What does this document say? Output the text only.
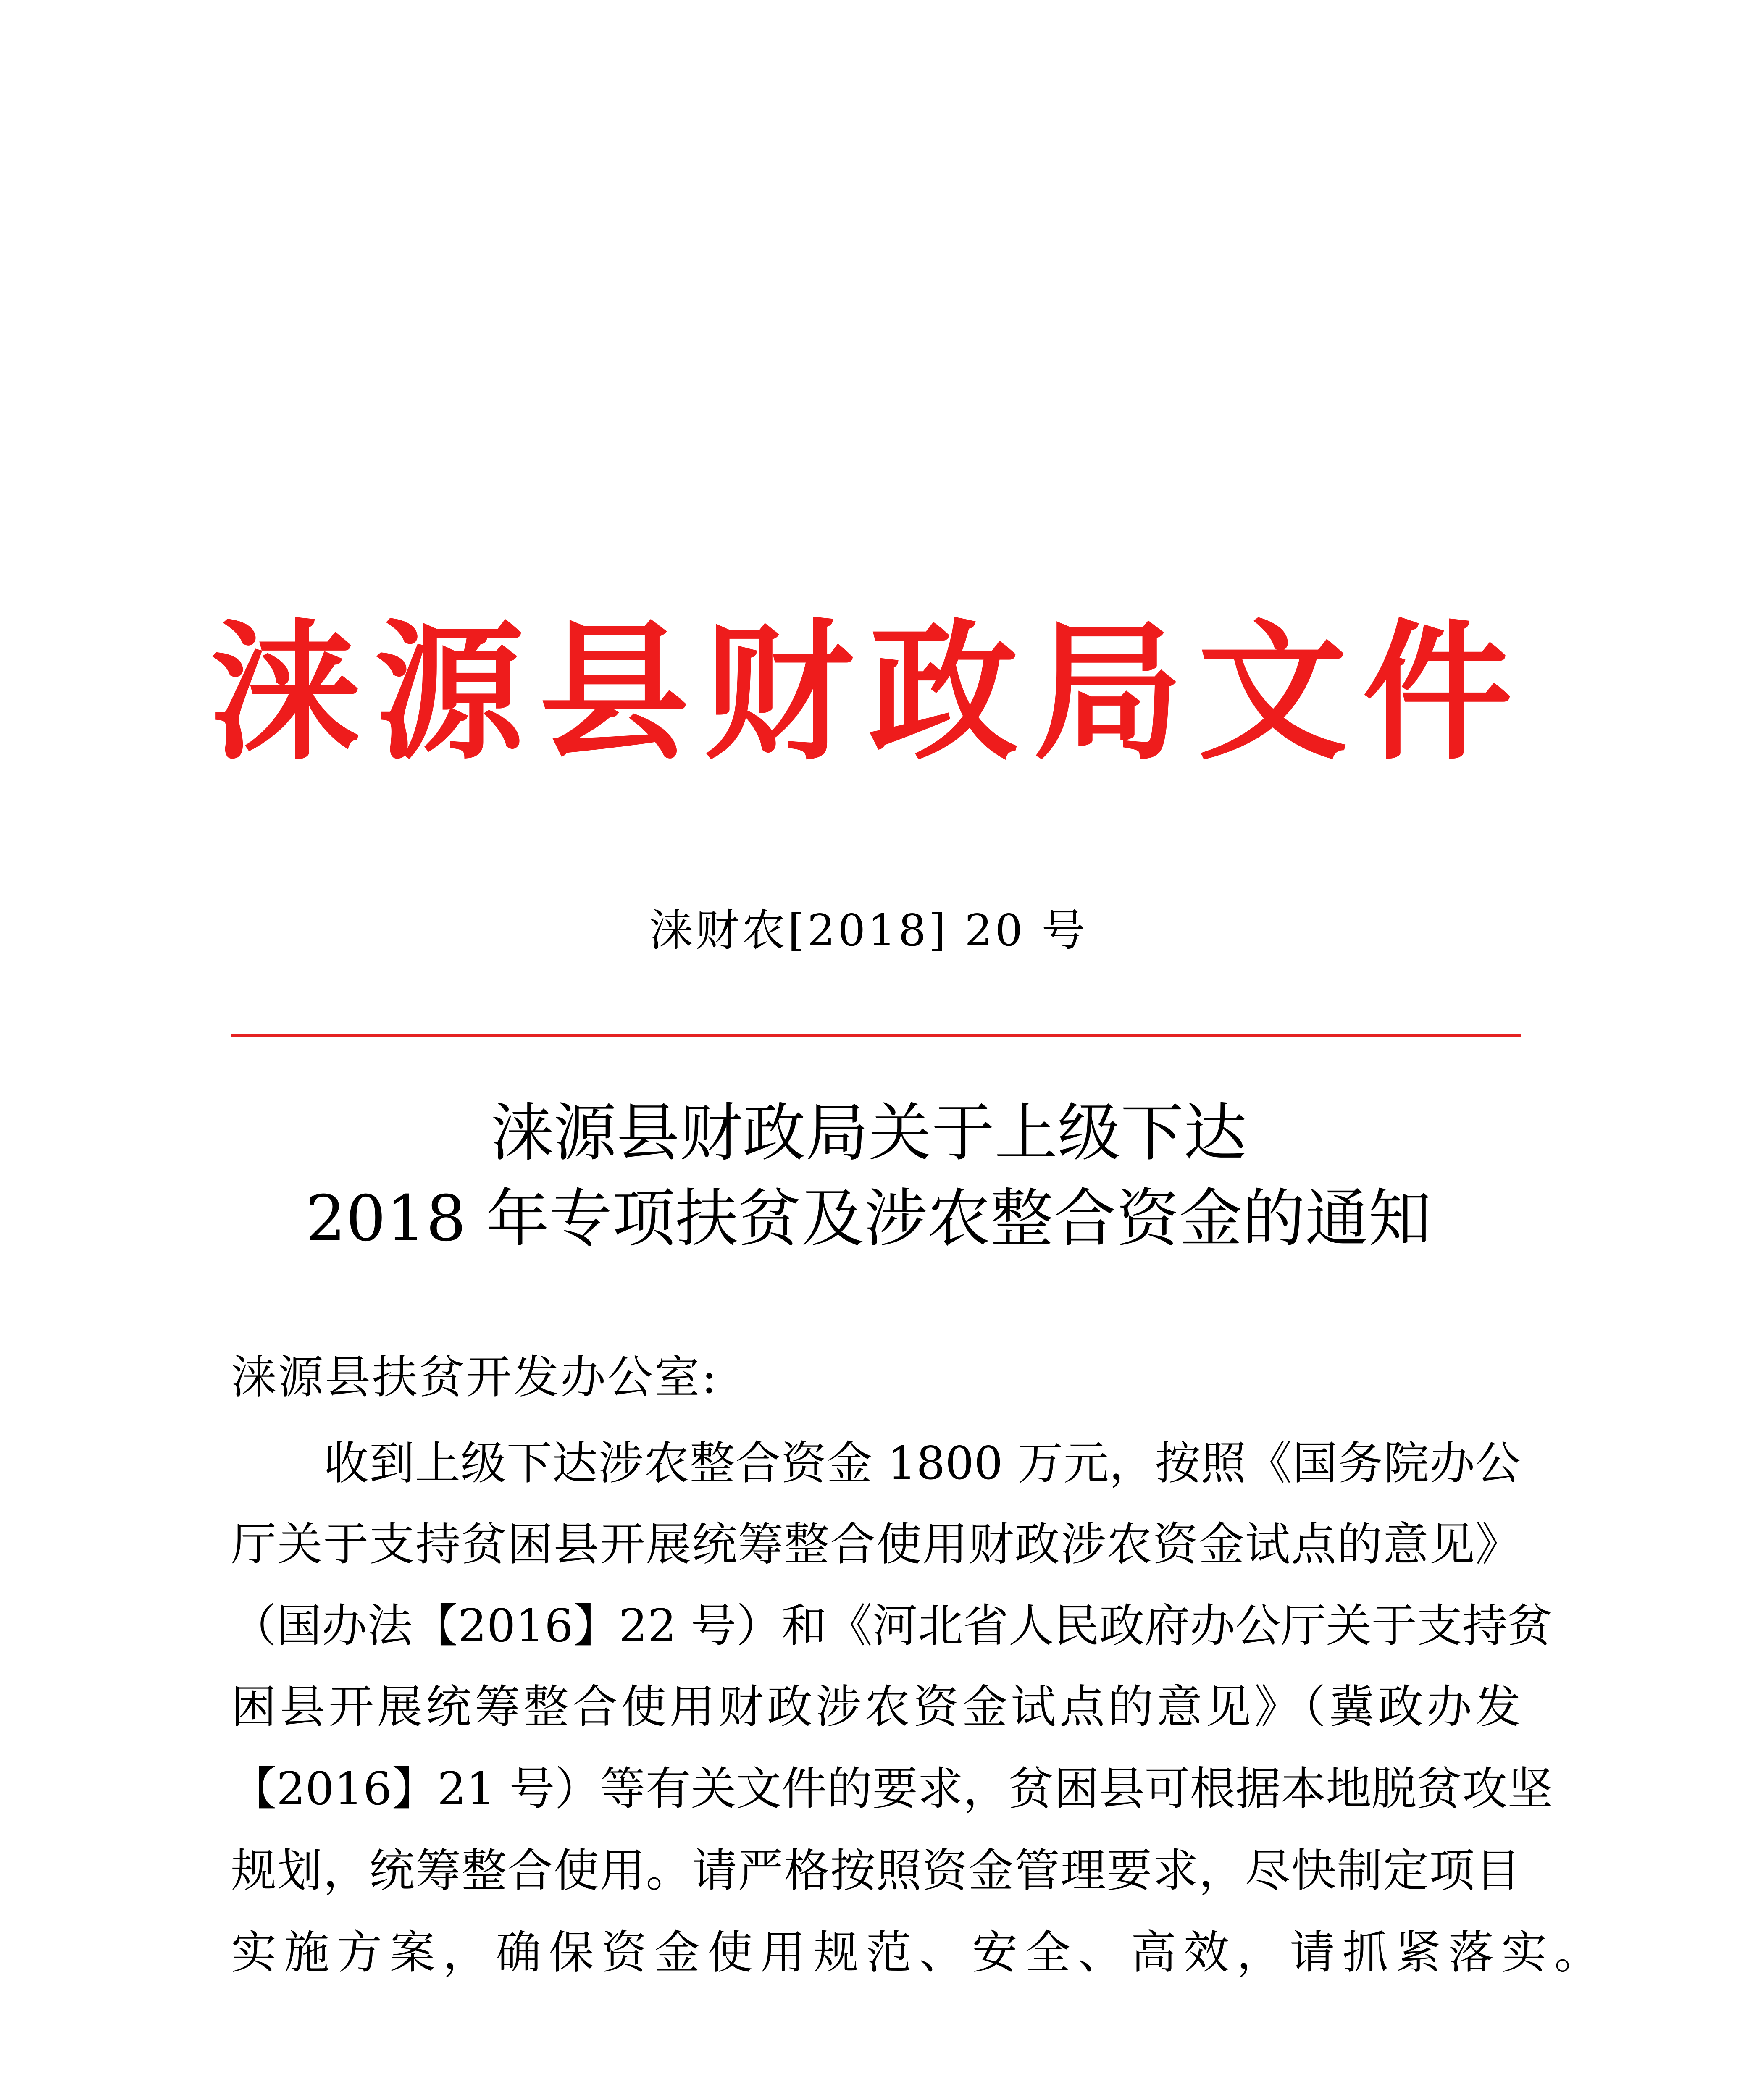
涞源县财政局文件
涞财农[2018] 20 号
涞源县财政局关于上级下达
2018 年专项扶贫及涉农整合资金的通知
涞源县扶贫开发办公室:
收到上级下达涉农整合资金 1800 万元，按照《国务院办公
厅关于支持贫困县开展统筹整合使用财政涉农资金试点的意见》
（国办法【2016】22 号）和《河北省人民政府办公厅关于支持贫
困县开展统筹整合使用财政涉农资金试点的意见》（冀政办发
【2016】21 号）等有关文件的要求，贫困县可根据本地脱贫攻坚
规划，统筹整合使用。请严格按照资金管理要求，尽快制定项目
实施方案，确保资金使用规范、安全、高效，请抓紧落实。
